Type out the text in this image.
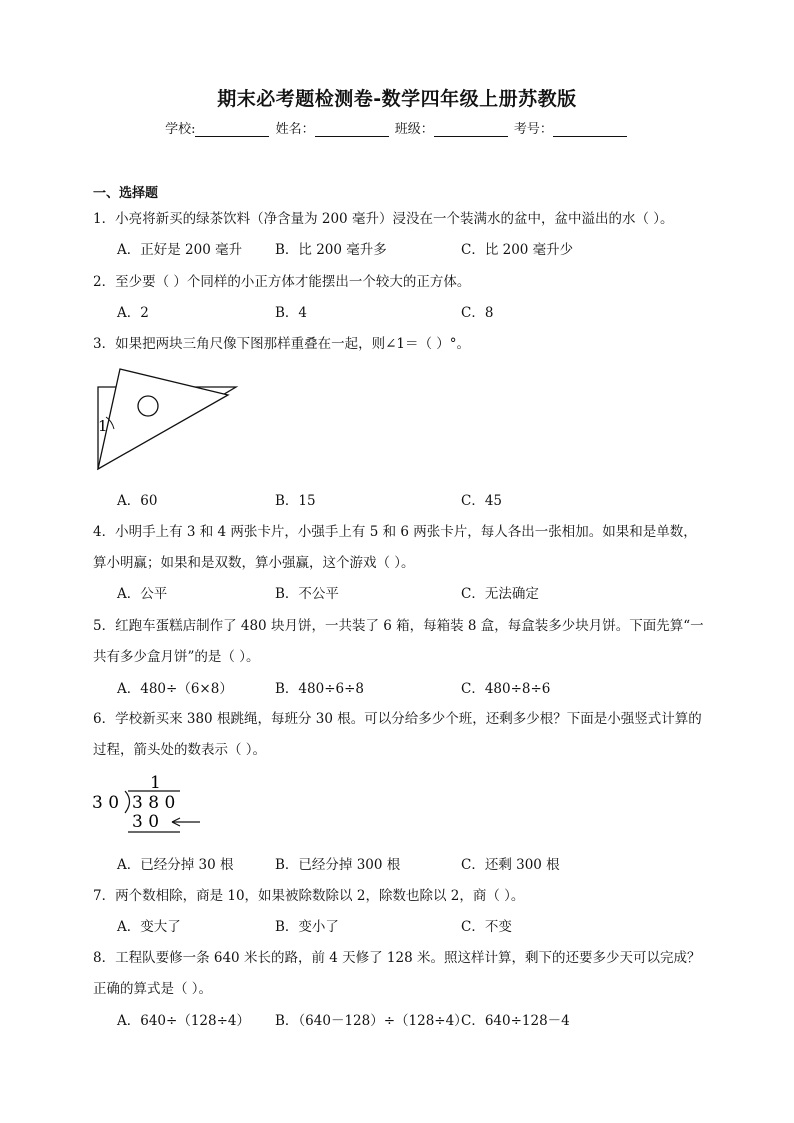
期末必考题检测卷-数学四年级上册苏教版
学校:	姓名：	班级：	考号：
一、选择题
1．小亮将新买的绿茶饮料（净含量为 200 毫升）浸没在一个装满水的盆中，盆中溢出的水（ ）。
A．正好是 200 毫升 B．比 200 毫升多	C．比 200 毫升少
2．至少要（ ）个同样的小正方体才能摆出一个较大的正方体。
A．2	B．4	C．8
3．如果把两块三角尺像下图那样重叠在一起，则∠1＝（ ）°。
1
A．60	B．15	C．45
4．小明手上有 3 和 4 两张卡片，小强手上有 5 和 6 两张卡片，每人各出一张相加。如果和是单数，
算小明赢；如果和是双数，算小强赢，这个游戏（ ）。
A．公平	B．不公平	C．无法确定
5．红跑车蛋糕店制作了 480 块月饼，一共装了 6 箱，每箱装 8 盒，每盒装多少块月饼。下面先算“一
共有多少盒月饼”的是（ ）。
A．480÷（6×8）	B．480÷6÷8	C．480÷8÷6
6．学校新买来 380 根跳绳，每班分 30 根。可以分给多少个班，还剩多少根？下面是小强竖式计算的
过程，箭头处的数表示（ ）。
1
3 0 3 8 0
3 0
A．已经分掉 30 根	B．已经分掉 300 根	C．还剩 300 根
7．两个数相除，商是 10，如果被除数除以 2，除数也除以 2，商（ ）。
A．变大了	B．变小了	C．不变
8．工程队要修一条 640 米长的路，前 4 天修了 128 米。照这样计算，剩下的还要多少天可以完成？
正确的算式是（ ）。
A．640÷（128÷4） B．（640－128）÷（128÷4）
C．640÷128－4
